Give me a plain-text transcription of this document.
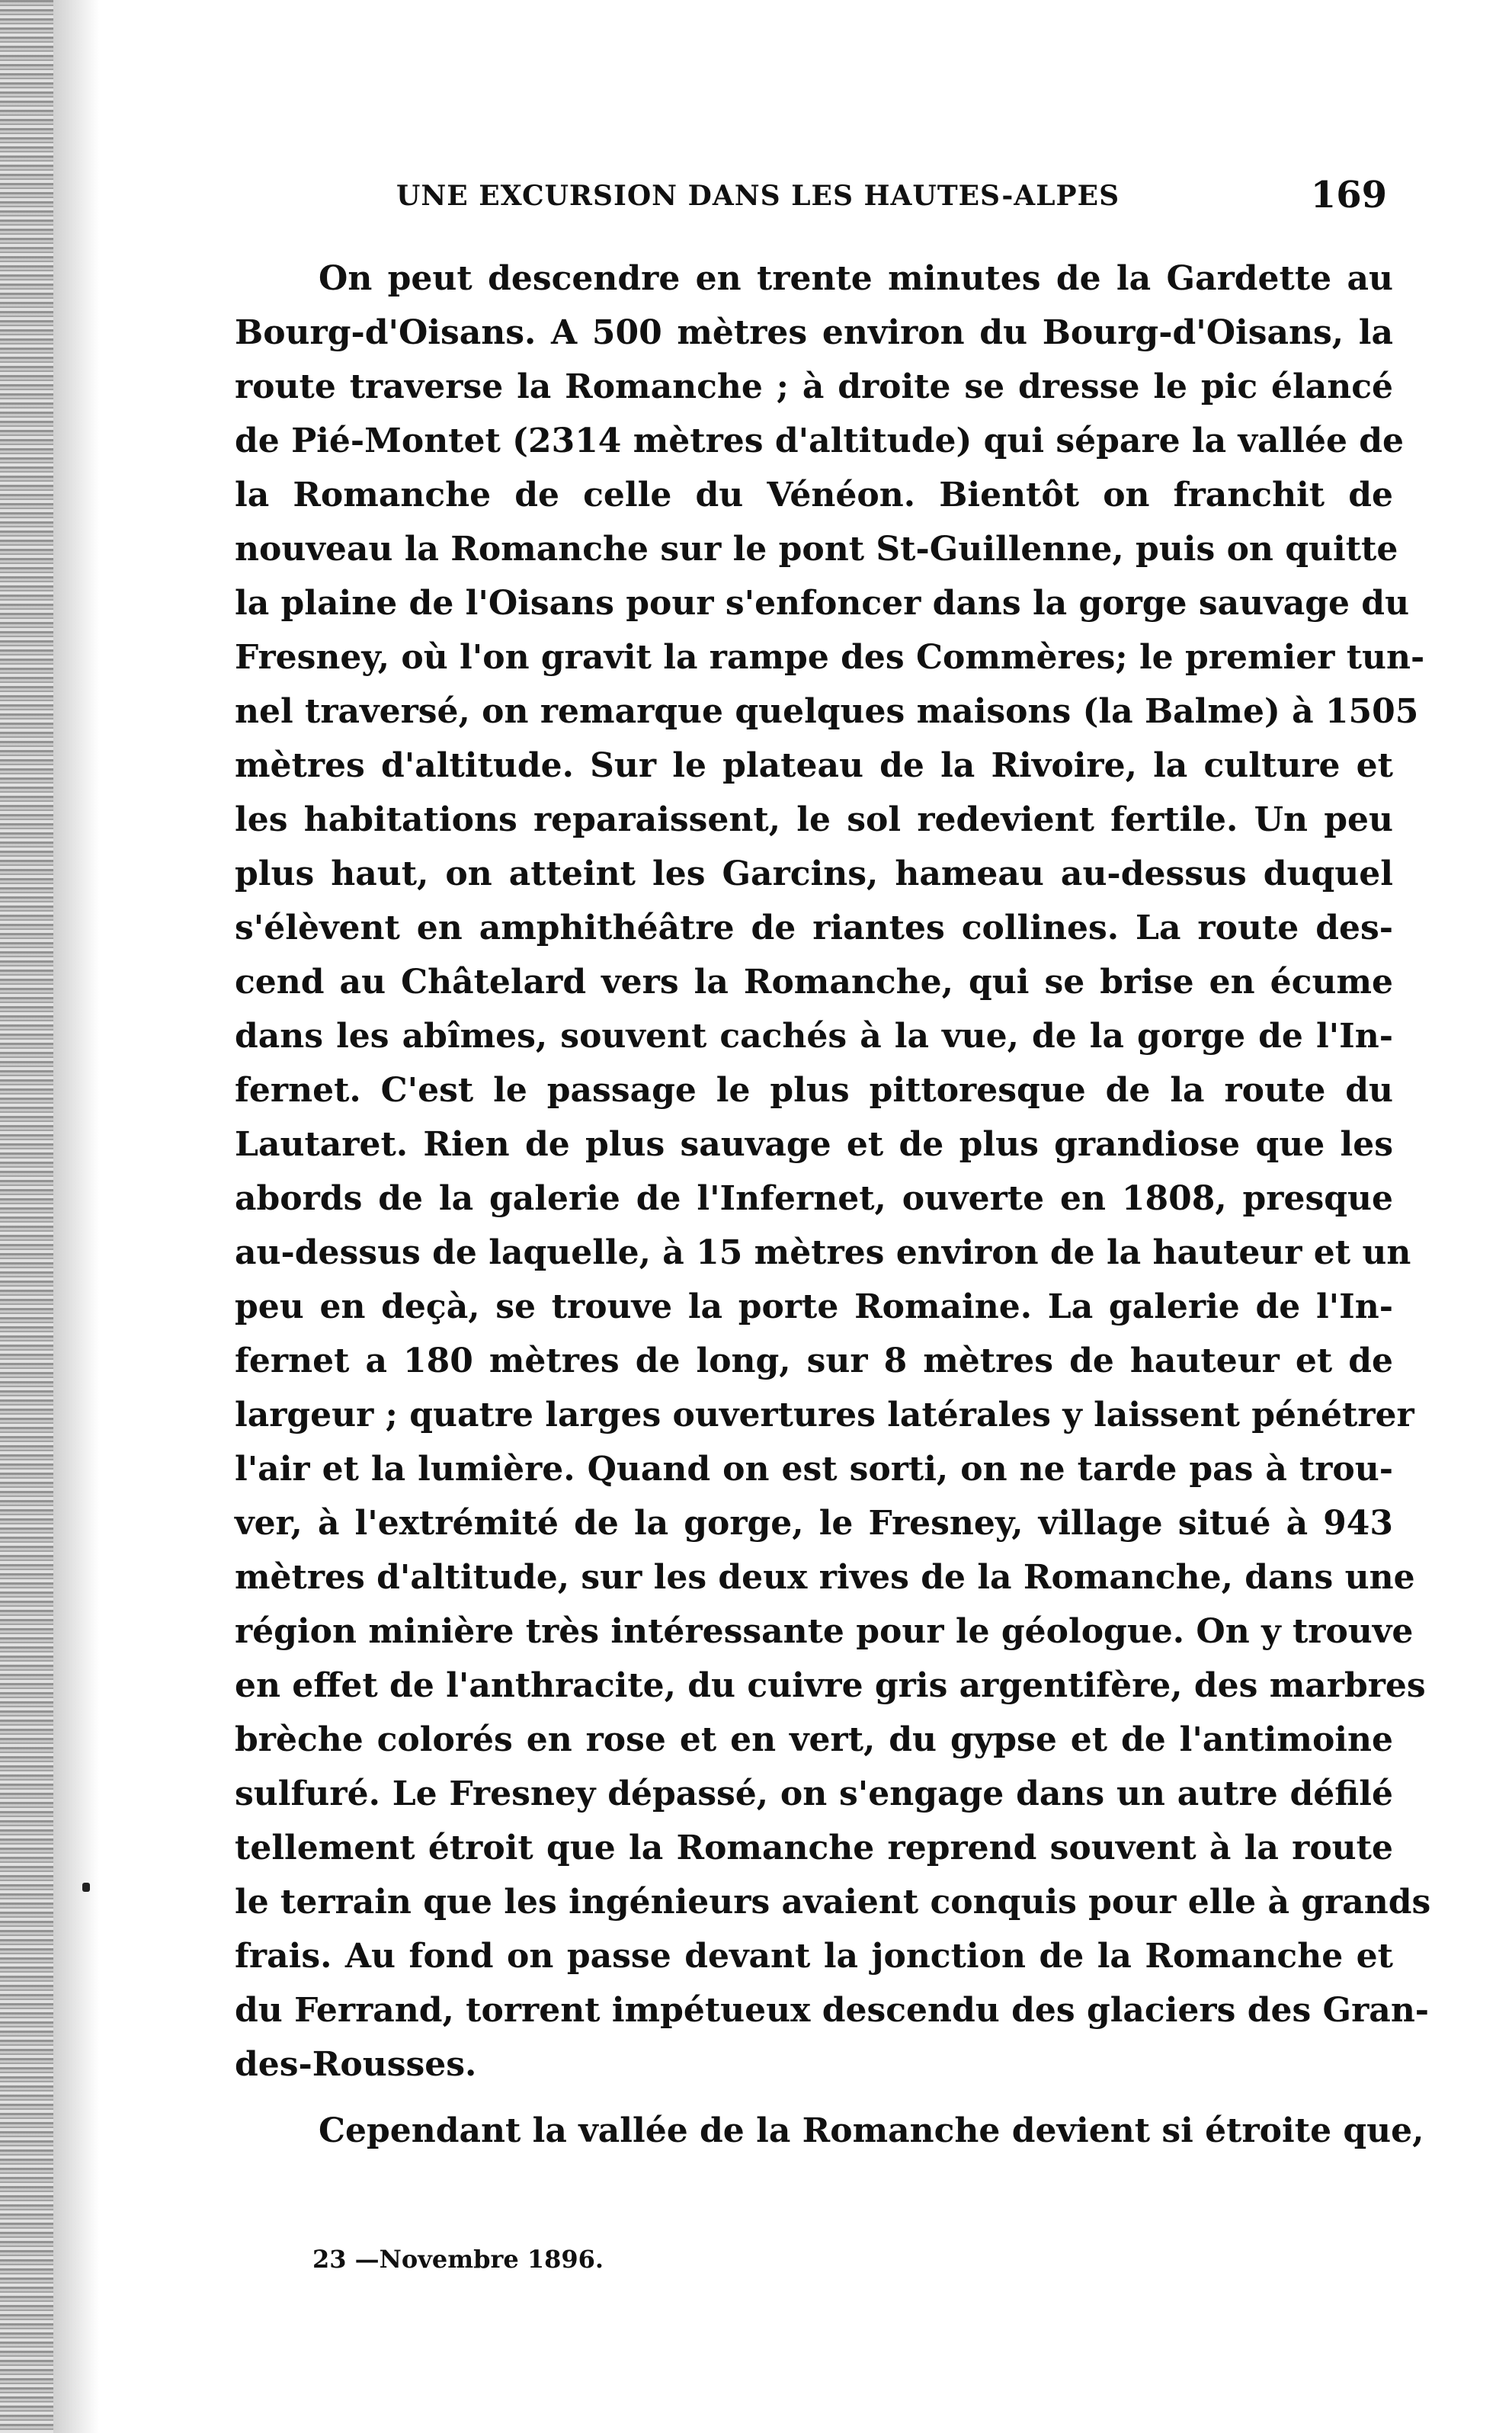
UNE EXCURSION DANS LES HAUTES-ALPES	169
On peut descendre en trente minutes de la Gardette au
Bourg-d'Oisans. A 500 mètres environ du Bourg-d'Oisans, la
route traverse la Romanche ; à droite se dresse le pic élancé
de Pié-Montet (2314 mètres d'altitude) qui sépare la vallée de
la Romanche de celle du Vénéon. Bientôt on franchit de
nouveau la Romanche sur le pont St-Guillenne, puis on quitte
la plaine de l'Oisans pour s'enfoncer dans la gorge sauvage du
Fresney, où l'on gravit la rampe des Commères; le premier tun-
nel traversé, on remarque quelques maisons (la Balme) à 1505
mètres d'altitude. Sur le plateau de la Rivoire, la culture et
les habitations reparaissent, le sol redevient fertile. Un peu
plus haut, on atteint les Garcins, hameau au-dessus duquel
s'élèvent en amphithéâtre de riantes collines. La route des-
cend au Châtelard vers la Romanche, qui se brise en écume
dans les abîmes, souvent cachés à la vue, de la gorge de l'In-
fernet. C'est le passage le plus pittoresque de la route du
Lautaret. Rien de plus sauvage et de plus grandiose que les
abords de la galerie de l'Infernet, ouverte en 1808, presque
au-dessus de laquelle, à 15 mètres environ de la hauteur et un
peu en deçà, se trouve la porte Romaine. La galerie de l'In-
fernet a 180 mètres de long, sur 8 mètres de hauteur et de
largeur ; quatre larges ouvertures latérales y laissent pénétrer
l'air et la lumière. Quand on est sorti, on ne tarde pas à trou-
ver, à l'extrémité de la gorge, le Fresney, village situé à 943
mètres d'altitude, sur les deux rives de la Romanche, dans une
région minière très intéressante pour le géologue. On y trouve
en effet de l'anthracite, du cuivre gris argentifère, des marbres
brèche colorés en rose et en vert, du gypse et de l'antimoine
sulfuré. Le Fresney dépassé, on s'engage dans un autre défilé
tellement étroit que la Romanche reprend souvent à la route
le terrain que les ingénieurs avaient conquis pour elle à grands
frais. Au fond on passe devant la jonction de la Romanche et
du Ferrand, torrent impétueux descendu des glaciers des Gran-
des-Rousses.
Cependant la vallée de la Romanche devient si étroite que,
23 —Novembre 1896.
